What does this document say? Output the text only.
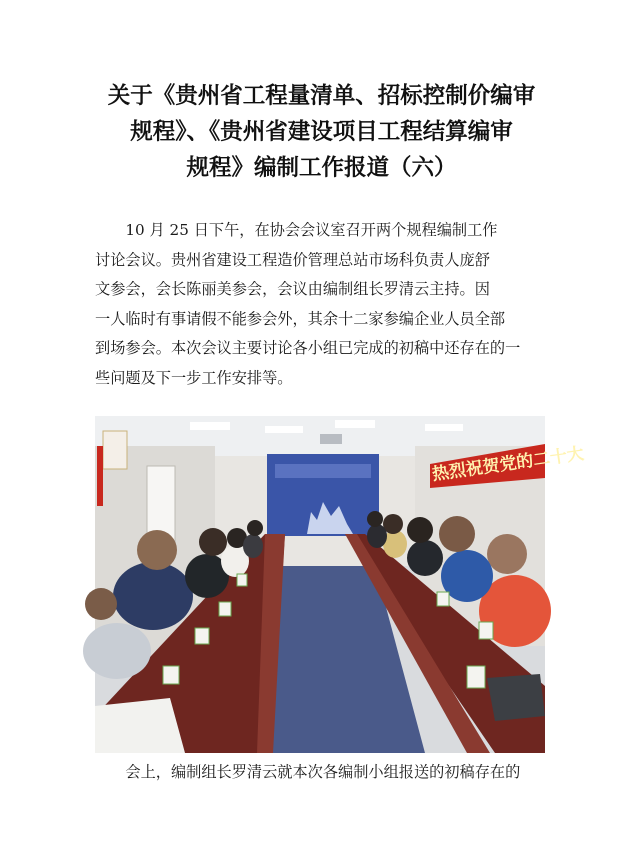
关于《贵州省工程量清单、招标控制价编审
规程》、《贵州省建设项目工程结算编审
规程》编制工作报道（六）
10 月 25 日下午，在协会会议室召开两个规程编制工作
讨论会议。贵州省建设工程造价管理总站市场科负责人庞舒
文参会，会长陈丽美参会，会议由编制组长罗清云主持。因
一人临时有事请假不能参会外，其余十二家参编企业人员全部
到场参会。本次会议主要讨论各小组已完成的初稿中还存在的一
些问题及下一步工作安排等。
热烈祝贺党的二十大
会上，编制组长罗清云就本次各编制小组报送的初稿存在的
